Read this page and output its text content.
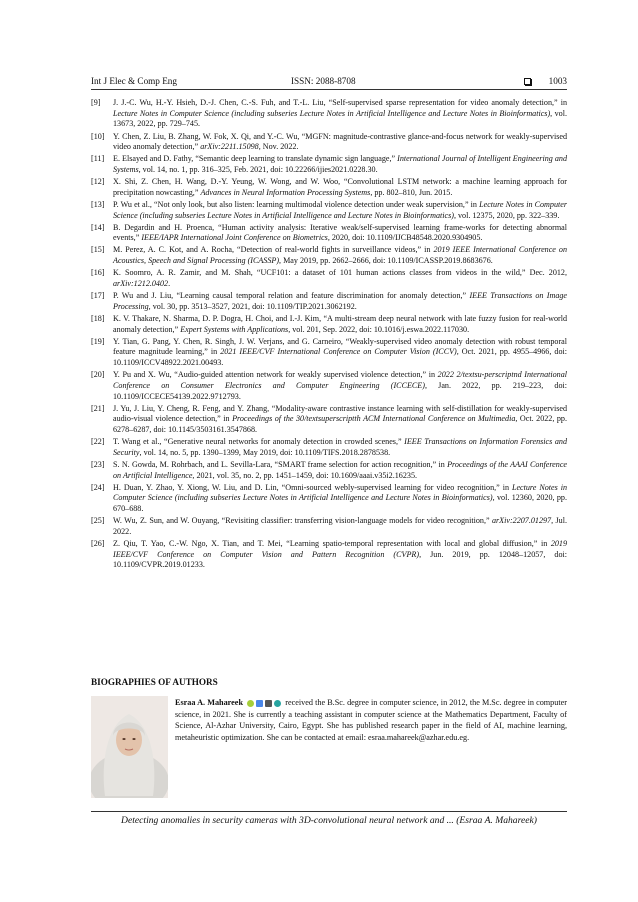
Int J Elec & Comp Eng	ISSN: 2088-8708	1003
[9] J. J.-C. Wu, H.-Y. Hsieh, D.-J. Chen, C.-S. Fuh, and T.-L. Liu, “Self-supervised sparse representation for video anomaly detection,” in Lecture Notes in Computer Science (including subseries Lecture Notes in Artificial Intelligence and Lecture Notes in Bioinformatics), vol. 13673, 2022, pp. 729–745.
[10] Y. Chen, Z. Liu, B. Zhang, W. Fok, X. Qi, and Y.-C. Wu, “MGFN: magnitude-contrastive glance-and-focus network for weakly-supervised video anomaly detection,” arXiv:2211.15098, Nov. 2022.
[11] E. Elsayed and D. Fathy, “Semantic deep learning to translate dynamic sign language,” International Journal of Intelligent Engineering and Systems, vol. 14, no. 1, pp. 316–325, Feb. 2021, doi: 10.22266/ijies2021.0228.30.
[12] X. Shi, Z. Chen, H. Wang, D.-Y. Yeung, W. Wong, and W. Woo, “Convolutional LSTM network: a machine learning approach for precipitation nowcasting,” Advances in Neural Information Processing Systems, pp. 802–810, Jun. 2015.
[13] P. Wu et al., “Not only look, but also listen: learning multimodal violence detection under weak supervision,” in Lecture Notes in Computer Science (including subseries Lecture Notes in Artificial Intelligence and Lecture Notes in Bioinformatics), vol. 12375, 2020, pp. 322–339.
[14] B. Degardin and H. Proenca, “Human activity analysis: Iterative weak/self-supervised learning frame-works for detecting abnormal events,” IEEE/IAPR International Joint Conference on Biometrics, 2020, doi: 10.1109/IJCB48548.2020.9304905.
[15] M. Perez, A. C. Kot, and A. Rocha, “Detection of real-world fights in surveillance videos,” in 2019 IEEE International Conference on Acoustics, Speech and Signal Processing (ICASSP), May 2019, pp. 2662–2666, doi: 10.1109/ICASSP.2019.8683676.
[16] K. Soomro, A. R. Zamir, and M. Shah, “UCF101: a dataset of 101 human actions classes from videos in the wild,” Dec. 2012, arXiv:1212.0402.
[17] P. Wu and J. Liu, “Learning causal temporal relation and feature discrimination for anomaly detection,” IEEE Transactions on Image Processing, vol. 30, pp. 3513–3527, 2021, doi: 10.1109/TIP.2021.3062192.
[18] K. V. Thakare, N. Sharma, D. P. Dogra, H. Choi, and I.-J. Kim, “A multi-stream deep neural network with late fuzzy fusion for real-world anomaly detection,” Expert Systems with Applications, vol. 201, Sep. 2022, doi: 10.1016/j.eswa.2022.117030.
[19] Y. Tian, G. Pang, Y. Chen, R. Singh, J. W. Verjans, and G. Carneiro, “Weakly-supervised video anomaly detection with robust temporal feature magnitude learning,” in 2021 IEEE/CVF International Conference on Computer Vision (ICCV), Oct. 2021, pp. 4955–4966, doi: 10.1109/ICCV48922.2021.00493.
[20] Y. Pu and X. Wu, “Audio-guided attention network for weakly supervised violence detection,” in 2022 2/textsu-perscriptnd International Conference on Consumer Electronics and Computer Engineering (ICCECE), Jan. 2022, pp. 219–223, doi: 10.1109/ICCECE54139.2022.9712793.
[21] J. Yu, J. Liu, Y. Cheng, R. Feng, and Y. Zhang, “Modality-aware contrastive instance learning with self-distillation for weakly-supervised audio-visual violence detection,” in Proceedings of the 30/textsuperscriptth ACM International Conference on Multimedia, Oct. 2022, pp. 6278–6287, doi: 10.1145/3503161.3547868.
[22] T. Wang et al., “Generative neural networks for anomaly detection in crowded scenes,” IEEE Transactions on Information Forensics and Security, vol. 14, no. 5, pp. 1390–1399, May 2019, doi: 10.1109/TIFS.2018.2878538.
[23] S. N. Gowda, M. Rohrbach, and L. Sevilla-Lara, “SMART frame selection for action recognition,” in Proceedings of the AAAI Conference on Artificial Intelligence, 2021, vol. 35, no. 2, pp. 1451–1459, doi: 10.1609/aaai.v35i2.16235.
[24] H. Duan, Y. Zhao, Y. Xiong, W. Liu, and D. Lin, “Omni-sourced webly-supervised learning for video recognition,” in Lecture Notes in Computer Science (including subseries Lecture Notes in Artificial Intelligence and Lecture Notes in Bioinformatics), vol. 12360, 2020, pp. 670–688.
[25] W. Wu, Z. Sun, and W. Ouyang, “Revisiting classifier: transferring vision-language models for video recognition,” arXiv:2207.01297, Jul. 2022.
[26] Z. Qiu, T. Yao, C.-W. Ngo, X. Tian, and T. Mei, “Learning spatio-temporal representation with local and global diffusion,” in 2019 IEEE/CVF Conference on Computer Vision and Pattern Recognition (CVPR), Jun. 2019, pp. 12048–12057, doi: 10.1109/CVPR.2019.01233.
BIOGRAPHIES OF AUTHORS
Esraa A. Mahareek	received the B.Sc. degree in computer science, in 2012, the M.Sc. degree in computer science, in 2021. She is currently a teaching assistant in computer science at the Mathematics Department, Faculty of Science, Al-Azhar University, Cairo, Egypt. She has published research paper in the field of AI, machine learning, metaheuristic optimization. She can be contacted at email: esraa.mahareek@azhar.edu.eg.
Detecting anomalies in security cameras with 3D-convolutional neural network and ... (Esraa A. Mahareek)
